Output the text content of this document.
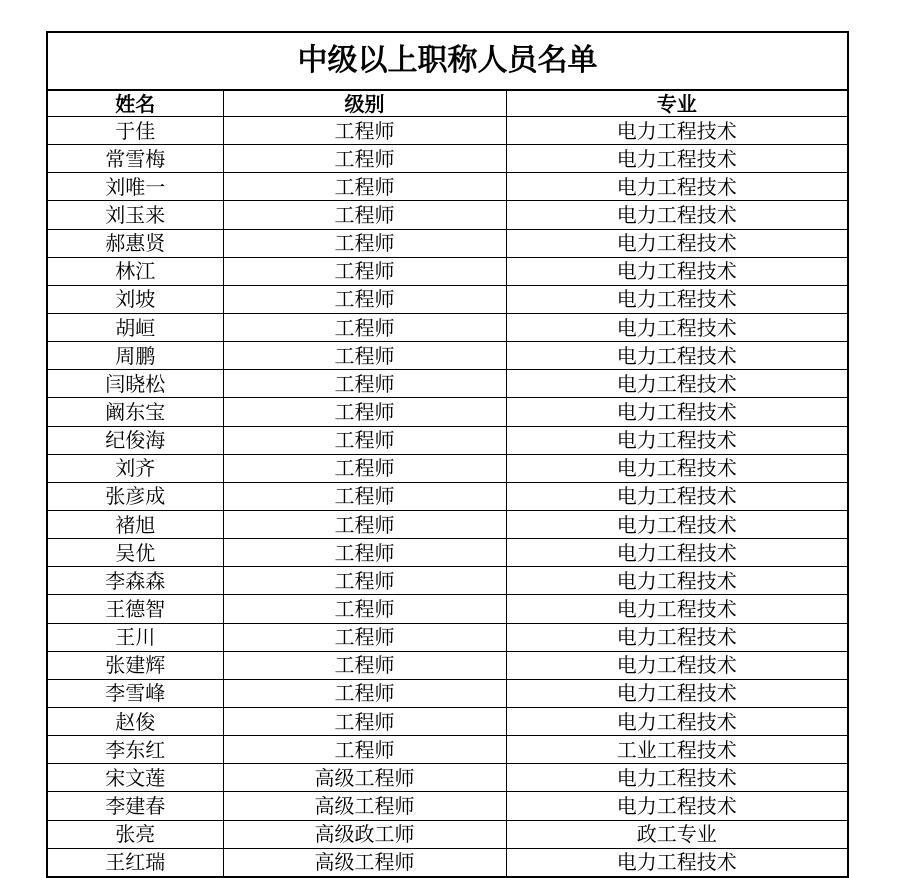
中级以上职称人员名单
姓名	级别	专业
于佳	工程师	电力工程技术
常雪梅	工程师	电力工程技术
刘唯一	工程师	电力工程技术
刘玉来	工程师	电力工程技术
郝惠贤	工程师	电力工程技术
林江	工程师	电力工程技术
刘坡	工程师	电力工程技术
胡峘	工程师	电力工程技术
周鹏	工程师	电力工程技术
闫晓松	工程师	电力工程技术
阚东宝	工程师	电力工程技术
纪俊海	工程师	电力工程技术
刘齐	工程师	电力工程技术
张彦成	工程师	电力工程技术
褚旭	工程师	电力工程技术
吴优	工程师	电力工程技术
李森森	工程师	电力工程技术
王德智	工程师	电力工程技术
王川	工程师	电力工程技术
张建辉	工程师	电力工程技术
李雪峰	工程师	电力工程技术
赵俊	工程师	电力工程技术
李东红	工程师	工业工程技术
宋文莲	高级工程师	电力工程技术
李建春	高级工程师	电力工程技术
张亮	高级政工师	政工专业
王红瑞	高级工程师	电力工程技术
